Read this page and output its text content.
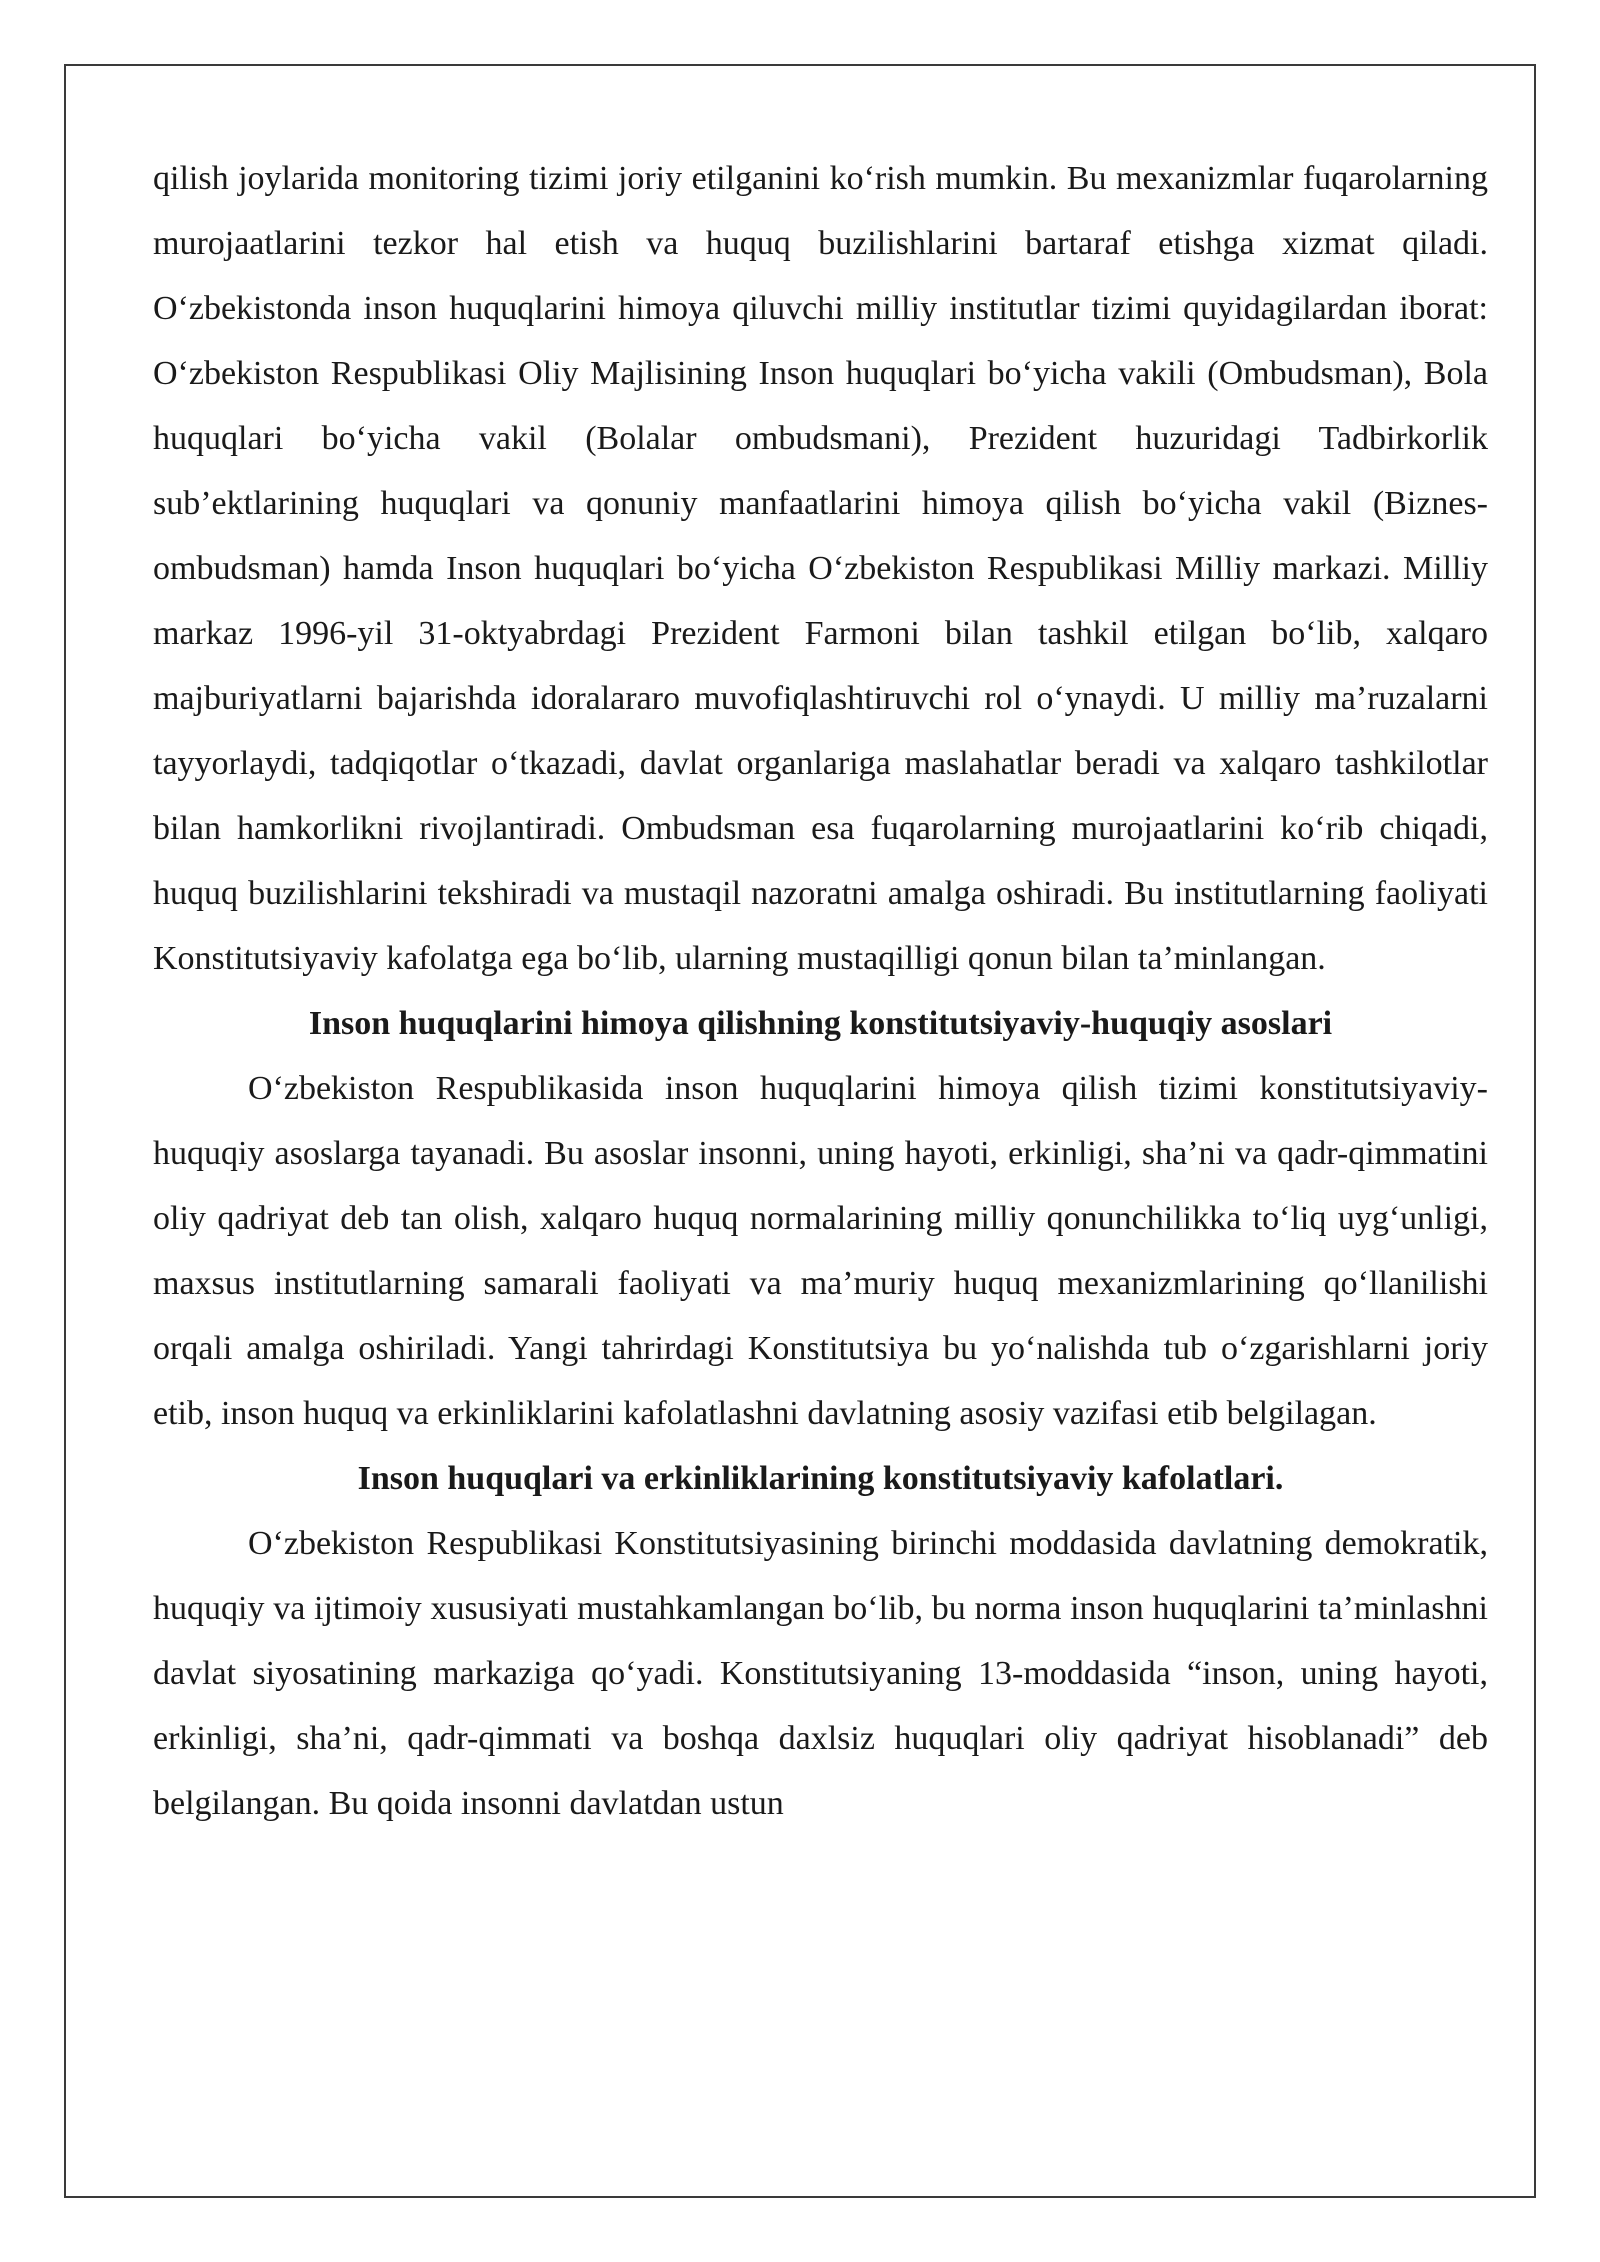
qilish joylarida monitoring tizimi joriy etilganini ko‘rish mumkin. Bu mexanizmlar fuqarolarning murojaatlarini tezkor hal etish va huquq buzilishlarini bartaraf etishga xizmat qiladi. O‘zbekistonda inson huquqlarini himoya qiluvchi milliy institutlar tizimi quyidagilardan iborat: O‘zbekiston Respublikasi Oliy Majlisining Inson huquqlari bo‘yicha vakili (Ombudsman), Bola huquqlari bo‘yicha vakil (Bolalar ombudsmani), Prezident huzuridagi Tadbirkorlik sub’ektlarining huquqlari va qonuniy manfaatlarini himoya qilish bo‘yicha vakil (Biznes-ombudsman) hamda Inson huquqlari bo‘yicha O‘zbekiston Respublikasi Milliy markazi. Milliy markaz 1996-yil 31-oktyabrdagi Prezident Farmoni bilan tashkil etilgan bo‘lib, xalqaro majburiyatlarni bajarishda idoralararo muvofiqlashtiruvchi rol o‘ynaydi. U milliy ma’ruzalarni tayyorlaydi, tadqiqotlar o‘tkazadi, davlat organlariga maslahatlar beradi va xalqaro tashkilotlar bilan hamkorlikni rivojlantiradi. Ombudsman esa fuqarolarning murojaatlarini ko‘rib chiqadi, huquq buzilishlarini tekshiradi va mustaqil nazoratni amalga oshiradi. Bu institutlarning faoliyati Konstitutsiyaviy kafolatga ega bo‘lib, ularning mustaqilligi qonun bilan ta’minlangan.

Inson huquqlarini himoya qilishning konstitutsiyaviy-huquqiy asoslari

O‘zbekiston Respublikasida inson huquqlarini himoya qilish tizimi konstitutsiyaviy-huquqiy asoslarga tayanadi. Bu asoslar insonni, uning hayoti, erkinligi, sha’ni va qadr-qimmatini oliy qadriyat deb tan olish, xalqaro huquq normalarining milliy qonunchilikka to‘liq uyg‘unligi, maxsus institutlarning samarali faoliyati va ma’muriy huquq mexanizmlarining qo‘llanilishi orqali amalga oshiriladi. Yangi tahrirdagi Konstitutsiya bu yo‘nalishda tub o‘zgarishlarni joriy etib, inson huquq va erkinliklarini kafolatlashni davlatning asosiy vazifasi etib belgilagan.

Inson huquqlari va erkinliklarining konstitutsiyaviy kafolatlari.

O‘zbekiston Respublikasi Konstitutsiyasining birinchi moddasida davlatning demokratik, huquqiy va ijtimoiy xususiyati mustahkamlangan bo‘lib, bu norma inson huquqlarini ta’minlashni davlat siyosatining markaziga qo‘yadi. Konstitutsiyaning 13-moddasida “inson, uning hayoti, erkinligi, sha’ni, qadr-qimmati va boshqa daxlsiz huquqlari oliy qadriyat hisoblanadi” deb belgilangan. Bu qoida insonni davlatdan ustun
